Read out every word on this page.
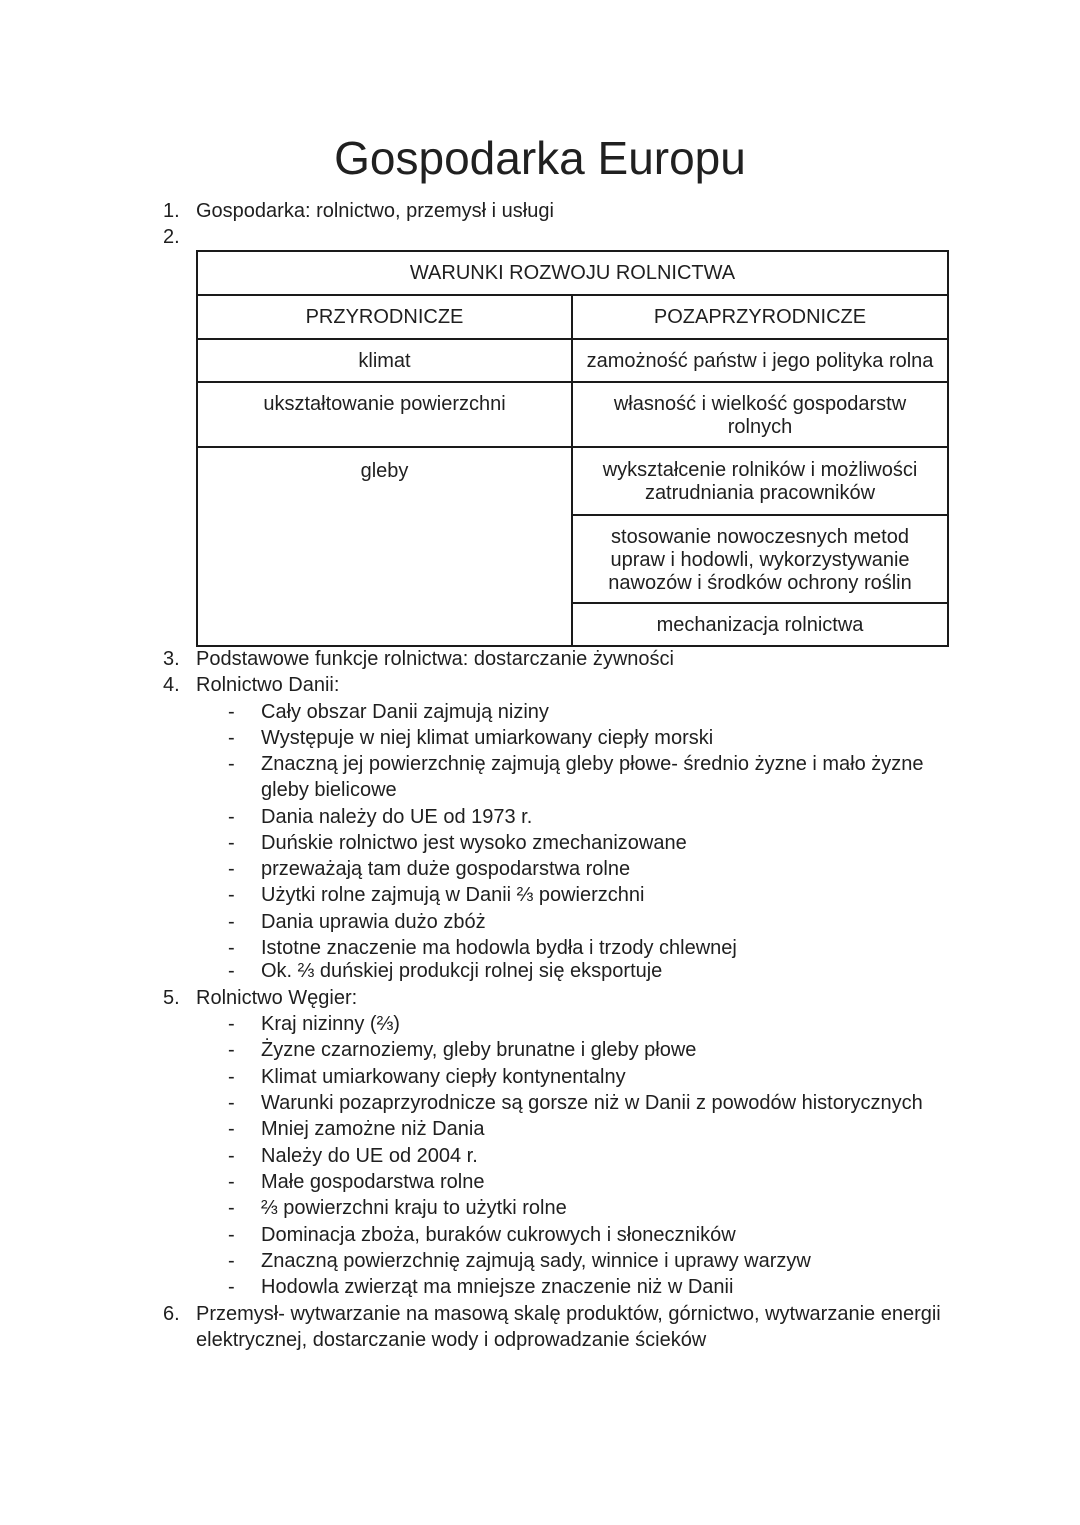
Gospodarka Europu
1. Gospodarka: rolnictwo, przemysł i usługi
2.
WARUNKI ROZWOJU ROLNICTWA	
PRZYRODNICZE	POZAPRZYRODNICZE
klimat	zamożność państw i jego polityka rolna
ukształtowanie powierzchni	własność i wielkość gospodarstw rolnych
gleby	wykształcenie rolników i możliwości zatrudniania pracowników
	stosowanie nowoczesnych metod upraw i hodowli, wykorzystywanie nawozów i środków ochrony roślin
	mechanizacja rolnictwa
3. Podstawowe funkcje rolnictwa: dostarczanie żywności
4. Rolnictwo Danii:
- Cały obszar Danii zajmują niziny
- Występuje w niej klimat umiarkowany ciepły morski
- Znaczną jej powierzchnię zajmują gleby płowe- średnio żyzne i mało żyzne
gleby bielicowe
- Dania należy do UE od 1973 r.
- Duńskie rolnictwo jest wysoko zmechanizowane
- przeważają tam duże gospodarstwa rolne
- Użytki rolne zajmują w Danii ⅔ powierzchni
- Dania uprawia dużo zbóż
- Istotne znaczenie ma hodowla bydła i trzody chlewnej
- Ok. ⅔ duńskiej produkcji rolnej się eksportuje
5. Rolnictwo Węgier:
- Kraj nizinny (⅔)
- Żyzne czarnoziemy, gleby brunatne i gleby płowe
- Klimat umiarkowany ciepły kontynentalny
- Warunki pozaprzyrodnicze są gorsze niż w Danii z powodów historycznych
- Mniej zamożne niż Dania
- Należy do UE od 2004 r.
- Małe gospodarstwa rolne
- ⅔ powierzchni kraju to użytki rolne
- Dominacja zboża, buraków cukrowych i słoneczników
- Znaczną powierzchnię zajmują sady, winnice i uprawy warzyw
- Hodowla zwierząt ma mniejsze znaczenie niż w Danii
6. Przemysł- wytwarzanie na masową skalę produktów, górnictwo, wytwarzanie energii
elektrycznej, dostarczanie wody i odprowadzanie ścieków
